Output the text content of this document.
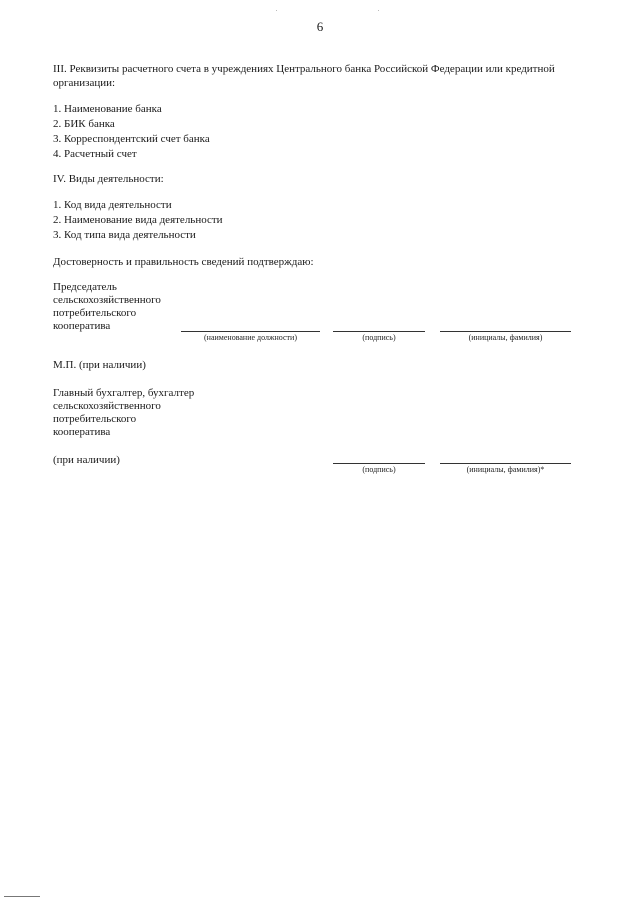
6
III. Реквизиты расчетного счета в учреждениях Центрального банка Российской Федерации или кредитной организации:
1. Наименование банка
2. БИК банка
3. Корреспондентский счет банка
4. Расчетный счет
IV. Виды деятельности:
1. Код вида деятельности
2. Наименование вида деятельности
3. Код типа вида деятельности
Достоверность и правильность сведений подтверждаю:
Председатель
сельскохозяйственного
потребительского
кооператива
(наименование должности)	(подпись)	(инициалы, фамилия)
М.П. (при наличии)
Главный бухгалтер, бухгалтер
сельскохозяйственного
потребительского
кооператива
(при наличии)
(подпись)	(инициалы, фамилия)*
